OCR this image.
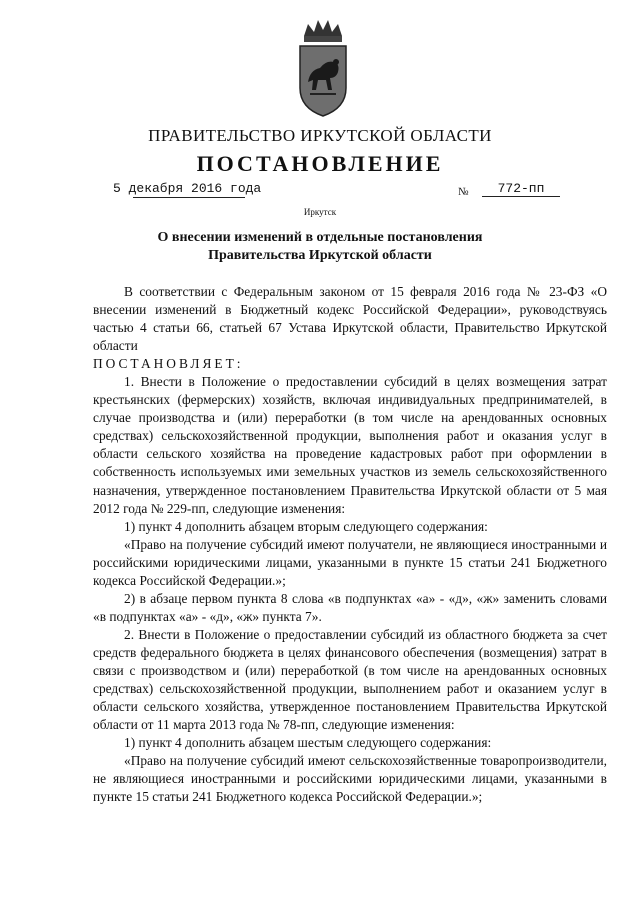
ПРАВИТЕЛЬСТВО ИРКУТСКОЙ ОБЛАСТИ
ПОСТАНОВЛЕНИЕ
5 декабря 2016 года	№	772-пп
Иркутск
О внесении изменений в отдельные постановления Правительства Иркутской области

В соответствии с Федеральным законом от 15 февраля 2016 года № 23-ФЗ «О внесении изменений в Бюджетный кодекс Российской Федерации», руководствуясь частью 4 статьи 66, статьей 67 Устава Иркутской области, Правительство Иркутской области

ПОСТАНОВЛЯЕТ:

1. Внести в Положение о предоставлении субсидий в целях возмещения затрат крестьянских (фермерских) хозяйств, включая индивидуальных предпринимателей, в случае производства и (или) переработки (в том числе на арендованных основных средствах) сельскохозяйственной продукции, выполнения работ и оказания услуг в области сельского хозяйства на проведение кадастровых работ при оформлении в собственность используемых ими земельных участков из земель сельскохозяйственного назначения, утвержденное постановлением Правительства Иркутской области от 5 мая 2012 года № 229-пп, следующие изменения:

1) пункт 4 дополнить абзацем вторым следующего содержания:

«Право на получение субсидий имеют получатели, не являющиеся иностранными и российскими юридическими лицами, указанными в пункте 15 статьи 241 Бюджетного кодекса Российской Федерации.»;

2) в абзаце первом пункта 8 слова «в подпунктах «а» - «д», «ж» заменить словами «в подпунктах «а» - «д», «ж» пункта 7».

2. Внести в Положение о предоставлении субсидий из областного бюджета за счет средств федерального бюджета в целях финансового обеспечения (возмещения) затрат в связи с производством и (или) переработкой (в том числе на арендованных основных средствах) сельскохозяйственной продукции, выполнением работ и оказанием услуг в области сельского хозяйства, утвержденное постановлением Правительства Иркутской области от 11 марта 2013 года № 78-пп, следующие изменения:

1) пункт 4 дополнить абзацем шестым следующего содержания:

«Право на получение субсидий имеют сельскохозяйственные товаропроизводители, не являющиеся иностранными и российскими юридическими лицами, указанными в пункте 15 статьи 241 Бюджетного кодекса Российской Федерации.»;
